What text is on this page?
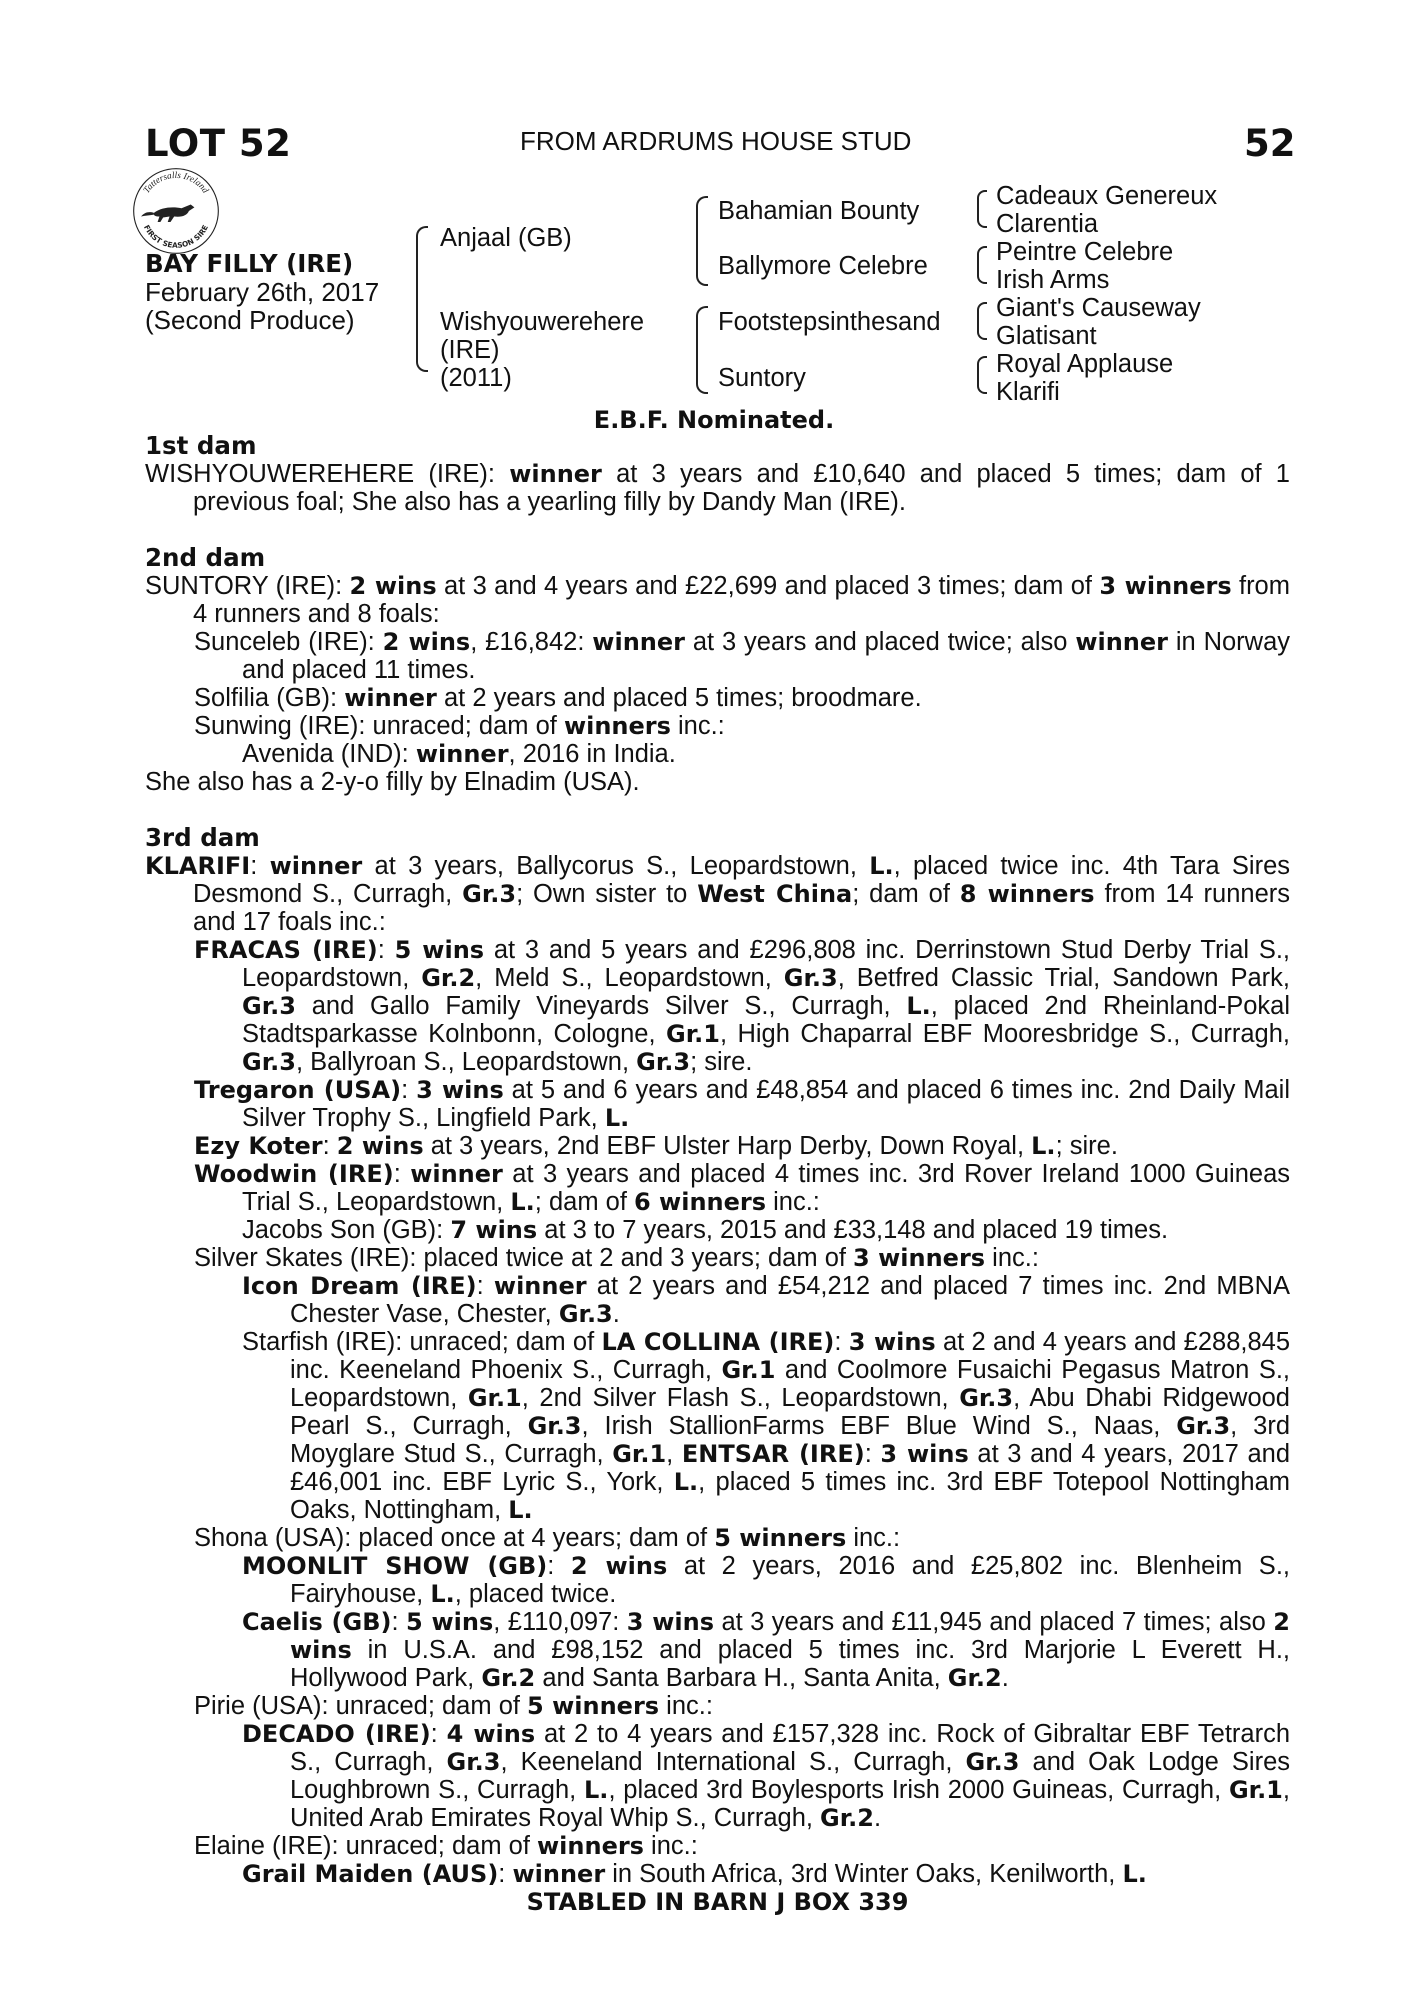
LOT 52	FROM ARDRUMS HOUSE STUD	52
Tattersalls Ireland
FIRST SEASON SIRE
BAY FILLY (IRE)
February 26th, 2017
(Second Produce)
Anjaal (GB)
Wishyouwerehere
(IRE)
(2011)
Bahamian Bounty
Ballymore Celebre
Footstepsinthesand
Suntory
Cadeaux Genereux
Clarentia
Peintre Celebre
Irish Arms
Giant's Causeway
Glatisant
Royal Applause
Klarifi
E.B.F. Nominated.
1st dam

WISHYOUWEREHERE (IRE): winner at 3 years and £10,640 and placed 5 times; dam of 1 previous foal; She also has a yearling filly by Dandy Man (IRE).

2nd dam

SUNTORY (IRE): 2 wins at 3 and 4 years and £22,699 and placed 3 times; dam of 3 winners from 4 runners and 8 foals:

Sunceleb (IRE): 2 wins, £16,842: winner at 3 years and placed twice; also winner in Norway and placed 11 times.

Solfilia (GB): winner at 2 years and placed 5 times; broodmare.

Sunwing (IRE): unraced; dam of winners inc.:

Avenida (IND): winner, 2016 in India.

She also has a 2-y-o filly by Elnadim (USA).

3rd dam

KLARIFI: winner at 3 years, Ballycorus S., Leopardstown, L., placed twice inc. 4th Tara Sires Desmond S., Curragh, Gr.3; Own sister to West China; dam of 8 winners from 14 runners and 17 foals inc.:

FRACAS (IRE): 5 wins at 3 and 5 years and £296,808 inc. Derrinstown Stud Derby Trial S., Leopardstown, Gr.2, Meld S., Leopardstown, Gr.3, Betfred Classic Trial, Sandown Park, Gr.3 and Gallo Family Vineyards Silver S., Curragh, L., placed 2nd Rheinland-Pokal Stadtsparkasse Kolnbonn, Cologne, Gr.1, High Chaparral EBF Mooresbridge S., Curragh, Gr.3, Ballyroan S., Leopardstown, Gr.3; sire.

Tregaron (USA): 3 wins at 5 and 6 years and £48,854 and placed 6 times inc. 2nd Daily Mail Silver Trophy S., Lingfield Park, L.

Ezy Koter: 2 wins at 3 years, 2nd EBF Ulster Harp Derby, Down Royal, L.; sire.

Woodwin (IRE): winner at 3 years and placed 4 times inc. 3rd Rover Ireland 1000 Guineas Trial S., Leopardstown, L.; dam of 6 winners inc.:

Jacobs Son (GB): 7 wins at 3 to 7 years, 2015 and £33,148 and placed 19 times.

Silver Skates (IRE): placed twice at 2 and 3 years; dam of 3 winners inc.:

Icon Dream (IRE): winner at 2 years and £54,212 and placed 7 times inc. 2nd MBNA Chester Vase, Chester, Gr.3.

Starfish (IRE): unraced; dam of LA COLLINA (IRE): 3 wins at 2 and 4 years and £288,845 inc. Keeneland Phoenix S., Curragh, Gr.1 and Coolmore Fusaichi Pegasus Matron S., Leopardstown, Gr.1, 2nd Silver Flash S., Leopardstown, Gr.3, Abu Dhabi Ridgewood Pearl S., Curragh, Gr.3, Irish StallionFarms EBF Blue Wind S., Naas, Gr.3, 3rd Moyglare Stud S., Curragh, Gr.1, ENTSAR (IRE): 3 wins at 3 and 4 years, 2017 and £46,001 inc. EBF Lyric S., York, L., placed 5 times inc. 3rd EBF Totepool Nottingham Oaks, Nottingham, L.

Shona (USA): placed once at 4 years; dam of 5 winners inc.:

MOONLIT SHOW (GB): 2 wins at 2 years, 2016 and £25,802 inc. Blenheim S., Fairyhouse, L., placed twice.

Caelis (GB): 5 wins, £110,097: 3 wins at 3 years and £11,945 and placed 7 times; also 2 wins in U.S.A. and £98,152 and placed 5 times inc. 3rd Marjorie L Everett H., Hollywood Park, Gr.2 and Santa Barbara H., Santa Anita, Gr.2.

Pirie (USA): unraced; dam of 5 winners inc.:

DECADO (IRE): 4 wins at 2 to 4 years and £157,328 inc. Rock of Gibraltar EBF Tetrarch S., Curragh, Gr.3, Keeneland International S., Curragh, Gr.3 and Oak Lodge Sires Loughbrown S., Curragh, L., placed 3rd Boylesports Irish 2000 Guineas, Curragh, Gr.1, United Arab Emirates Royal Whip S., Curragh, Gr.2.

Elaine (IRE): unraced; dam of winners inc.:

Grail Maiden (AUS): winner in South Africa, 3rd Winter Oaks, Kenilworth, L.

STABLED IN BARN J BOX 339
